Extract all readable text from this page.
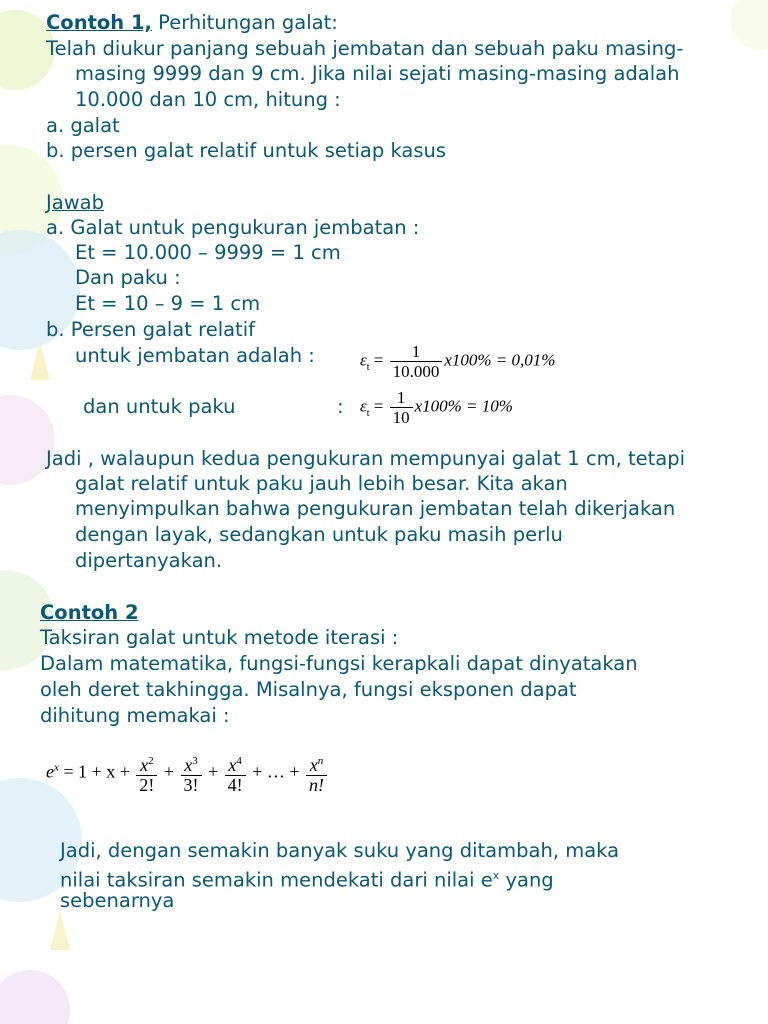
Contoh 1, Perhitungan galat:
Telah diukur panjang sebuah jembatan dan sebuah paku masing-
masing 9999 dan 9 cm. Jika nilai sejati masing-masing adalah
10.000 dan 10 cm, hitung :
a. galat
b. persen galat relatif untuk setiap kasus
Jawab
a. Galat untuk pengukuran jembatan :
Et = 10.000 – 9999 = 1 cm
Dan paku :
Et = 10 – 9 = 1 cm
b. Persen galat relatif
untuk jembatan adalah :
dan untuk paku	:
$\varepsilon_t = \frac{1}{10.000} x100\% = 0,01\%$
$\varepsilon_t = \frac{1}{10} x100\% = 10\%$
Jadi , walaupun kedua pengukuran mempunyai galat 1 cm, tetapi
galat relatif untuk paku jauh lebih besar. Kita akan
menyimpulkan bahwa pengukuran jembatan telah dikerjakan
dengan layak, sedangkan untuk paku masih perlu
dipertanyakan.
Contoh 2
Taksiran galat untuk metode iterasi :
Dalam matematika, fungsi-fungsi kerapkali dapat dinyatakan
oleh deret takhingga. Misalnya, fungsi eksponen dapat
dihitung memakai :
$e^x = 1 + x + \frac{x^2}{2!} + \frac{x^3}{3!} + \frac{x^4}{4!}$ + … + $\frac{x^n}{n!}$
Jadi, dengan semakin banyak suku yang ditambah, maka
nilai taksiran semakin mendekati dari nilai $e^x$ yang
sebenarnya
